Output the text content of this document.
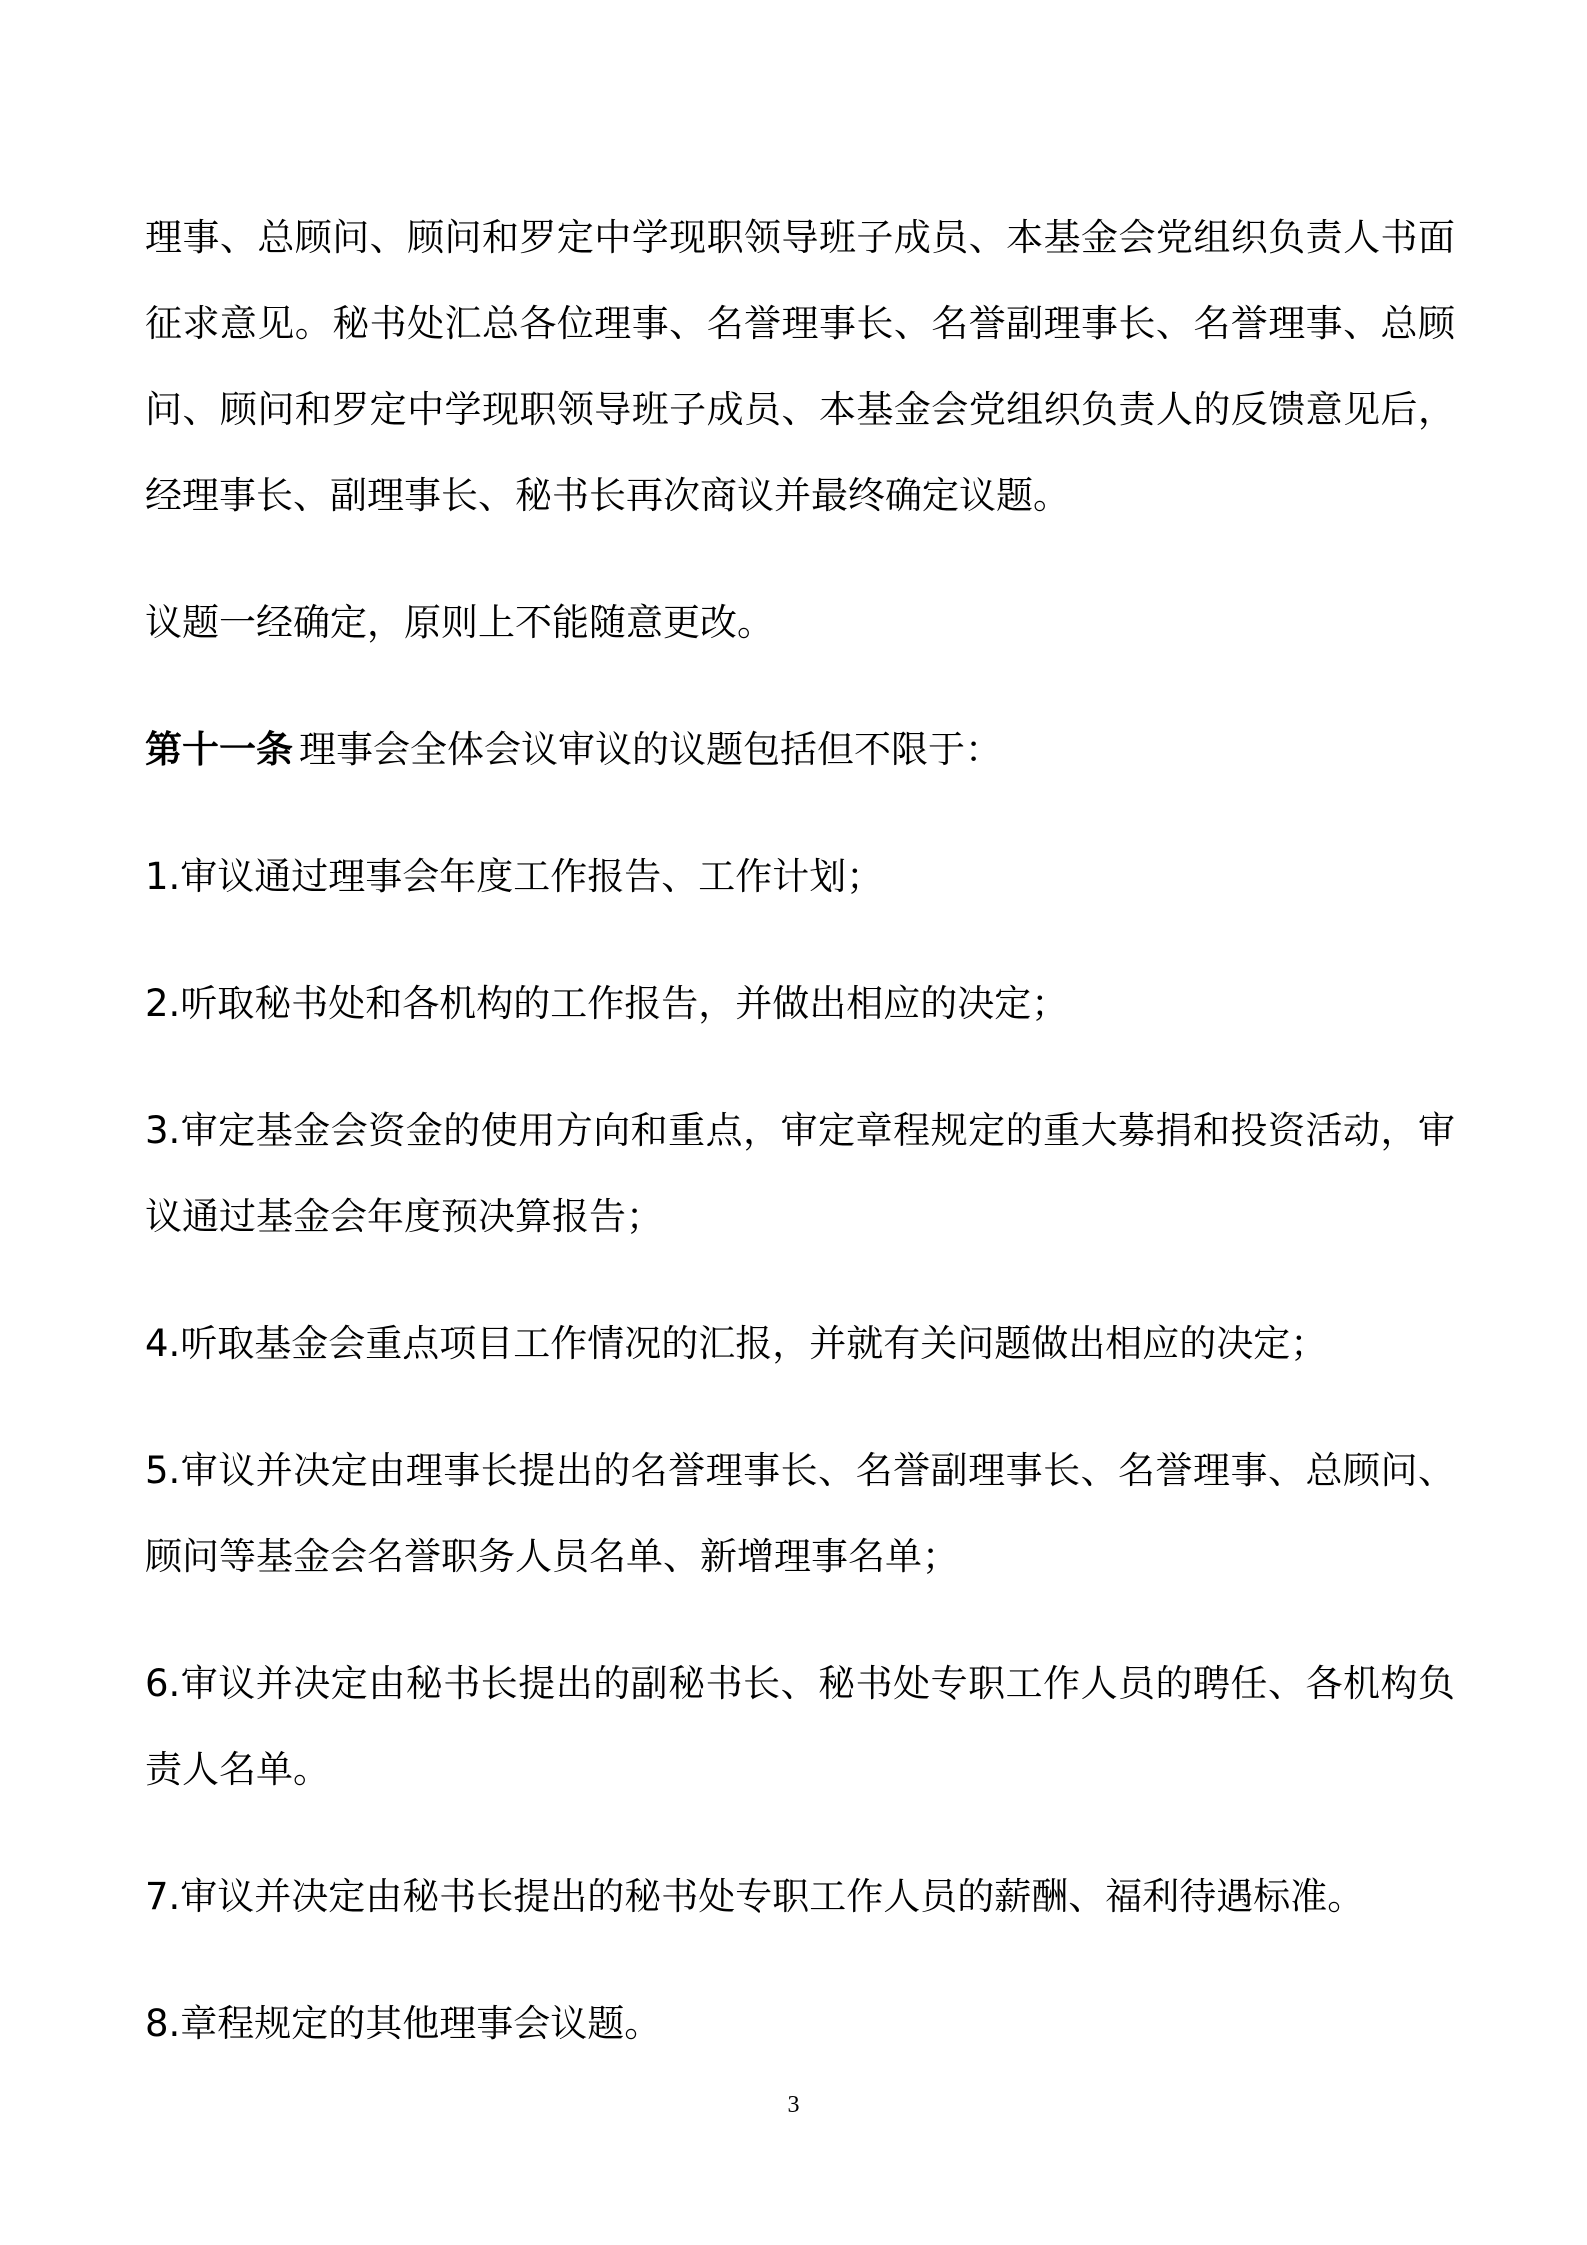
理事、总顾问、顾问和罗定中学现职领导班子成员、本基金会党组织负责人书面征求意见。秘书处汇总各位理事、名誉理事长、名誉副理事长、名誉理事、总顾问、顾问和罗定中学现职领导班子成员、本基金会党组织负责人的反馈意见后，经理事长、副理事长、秘书长再次商议并最终确定议题。

议题一经确定，原则上不能随意更改。

第十一条 理事会全体会议审议的议题包括但不限于：

1.审议通过理事会年度工作报告、工作计划；

2.听取秘书处和各机构的工作报告，并做出相应的决定；

3.审定基金会资金的使用方向和重点，审定章程规定的重大募捐和投资活动，审议通过基金会年度预决算报告；

4.听取基金会重点项目工作情况的汇报，并就有关问题做出相应的决定；

5.审议并决定由理事长提出的名誉理事长、名誉副理事长、名誉理事、总顾问、顾问等基金会名誉职务人员名单、新增理事名单；

6.审议并决定由秘书长提出的副秘书长、秘书处专职工作人员的聘任、各机构负责人名单。

7.审议并决定由秘书长提出的秘书处专职工作人员的薪酬、福利待遇标准。

8.章程规定的其他理事会议题。

3
